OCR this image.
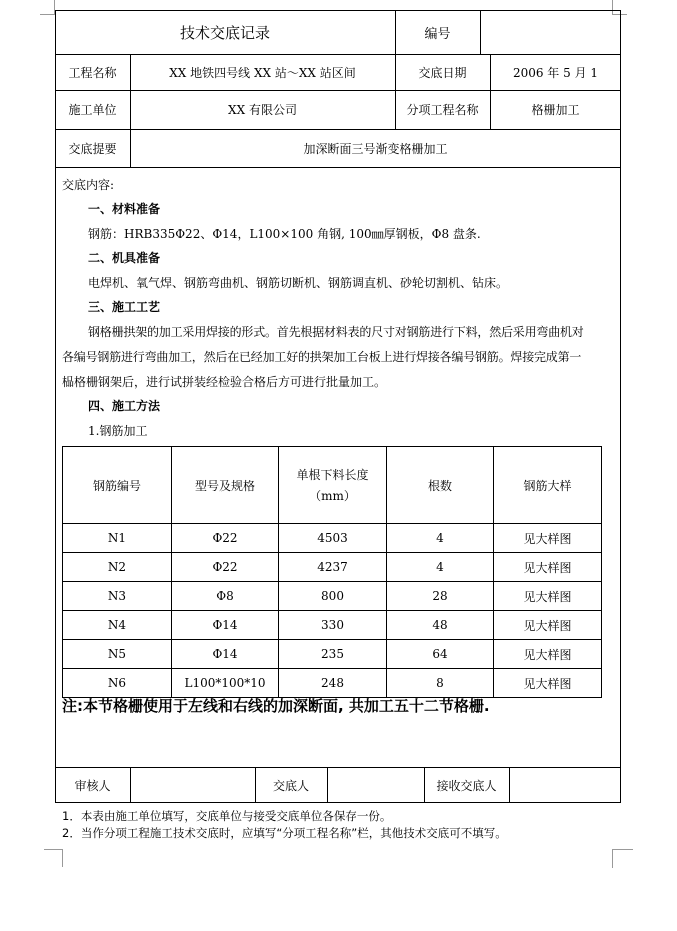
技术交底记录	编号
工程名称	XX 地铁四号线 XX 站～XX 站区间	交底日期	2006 年 5 月 1
施工单位	XX 有限公司	分项工程名称	格栅加工
交底提要	加深断面三号渐变格栅加工
交底内容:
一、材料准备
钢筋：HRB335Φ22、Φ14，L100×100 角钢, 100㎜厚钢板，Φ8 盘条.
二、机具准备
电焊机、氧气焊、钢筋弯曲机、钢筋切断机、钢筋调直机、砂轮切割机、钻床。
三、施工工艺
钢格栅拱架的加工采用焊接的形式。首先根据材料表的尺寸对钢筋进行下料，然后采用弯曲机对
各编号钢筋进行弯曲加工，然后在已经加工好的拱架加工台板上进行焊接各编号钢筋。焊接完成第一
榀格栅钢架后，进行试拼装经检验合格后方可进行批量加工。
四、施工方法
1.钢筋加工
钢筋编号	型号及规格	单根下料长度
（mm）	根数	钢筋大样
N1	Φ22	4503	4	见大样图
N2	Φ22	4237	4	见大样图
N3	Φ8	800	28	见大样图
N4	Φ14	330	48	见大样图
N5	Φ14	235	64	见大样图
N6	L100*100*10	248	8	见大样图
注:本节格栅使用于左线和右线的加深断面, 共加工五十二节格栅.
审核人	交底人	接收交底人
1．本表由施工单位填写，交底单位与接受交底单位各保存一份。
2．当作分项工程施工技术交底时，应填写“分项工程名称”栏，其他技术交底可不填写。
